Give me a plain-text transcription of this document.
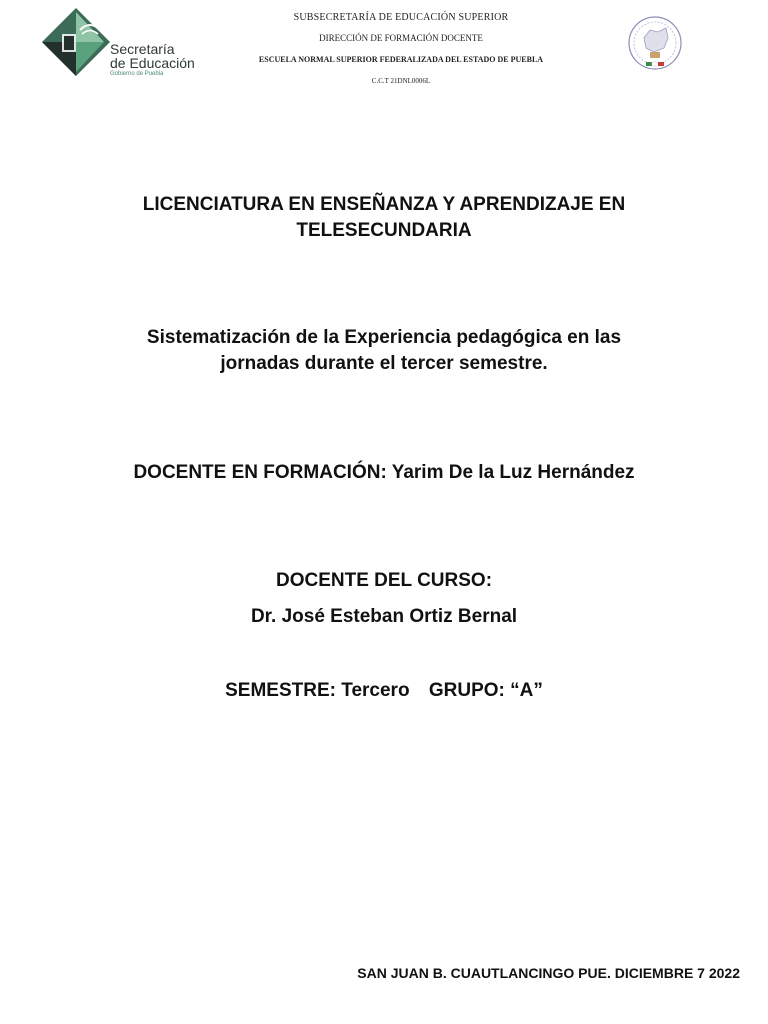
Secretaría
de Educación
Gobierno de Puebla
SUBSECRETARÍA DE EDUCACIÓN SUPERIOR
DIRECCIÓN DE FORMACIÓN DOCENTE
ESCUELA NORMAL SUPERIOR FEDERALIZADA DEL ESTADO DE PUEBLA
C.C.T 21DNL0006L
LICENCIATURA EN ENSEÑANZA Y APRENDIZAJE EN
TELESECUNDARIA
Sistematización de la Experiencia pedagógica en las
jornadas durante el tercer semestre.
DOCENTE EN FORMACIÓN: Yarim De la Luz Hernández
DOCENTE DEL CURSO:
Dr. José Esteban Ortiz Bernal
SEMESTRE: Tercero GRUPO: “A”
SAN JUAN B. CUAUTLANCINGO PUE. DICIEMBRE 7 2022
